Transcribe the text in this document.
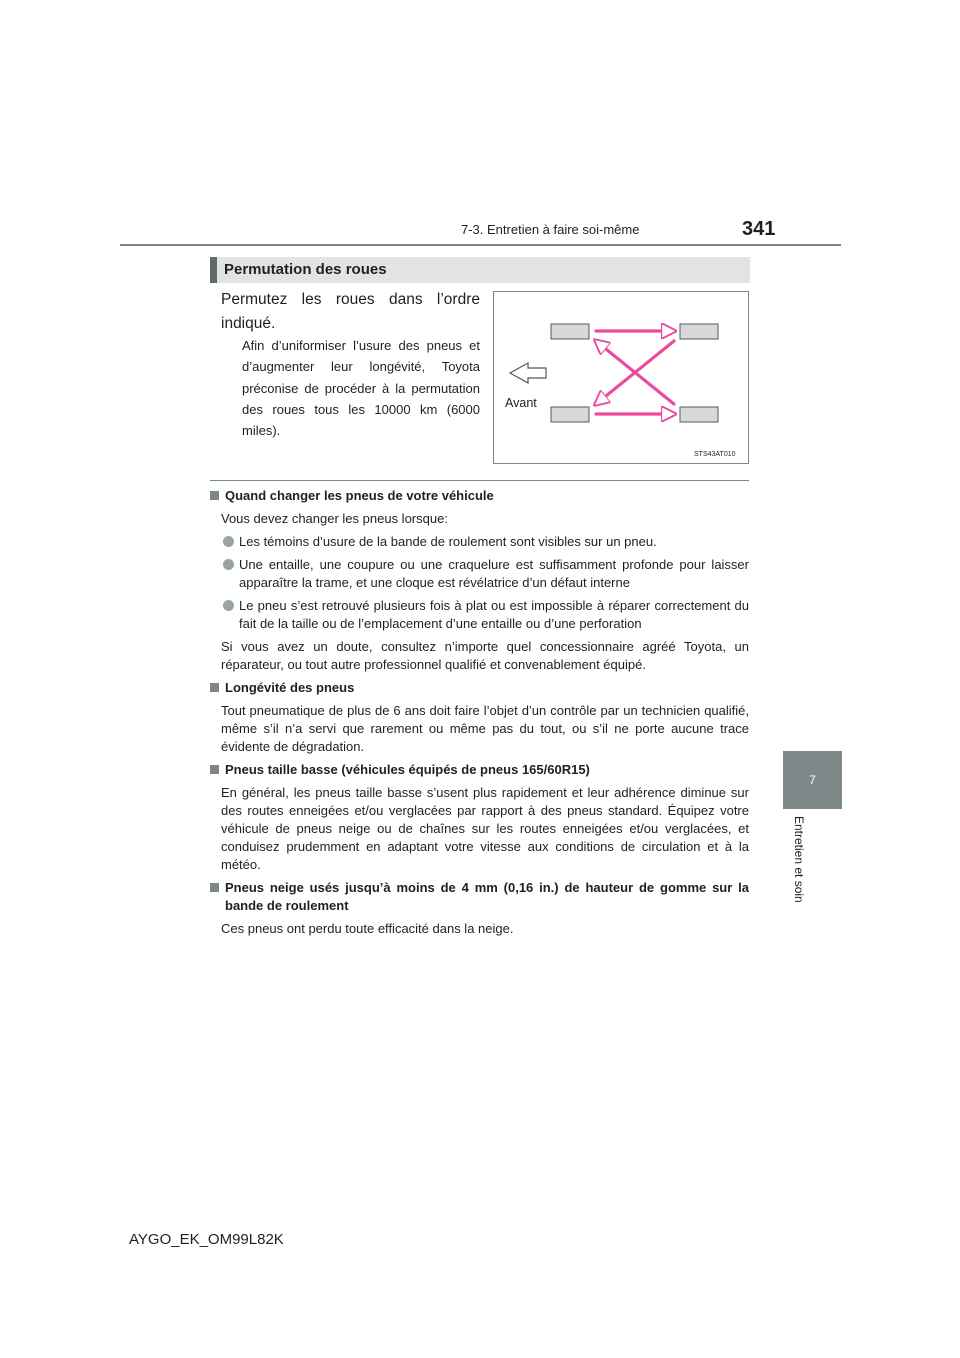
7-3. Entretien à faire soi-même	341
7
Entretien et soin
Permutation des roues
Permutez les roues dans l’ordre
indiqué.
Afin d’uniformiser l’usure des pneus et d’augmenter leur longévité, Toyota préconise de procéder à la permutation des roues tous les 10000 km (6000 miles).
Avant
STS43AT010
Quand changer les pneus de votre véhicule
Vous devez changer les pneus lorsque:
Les témoins d’usure de la bande de roulement sont visibles sur un pneu.
Une entaille, une coupure ou une craquelure est suffisamment profonde pour laisser apparaître la trame, et une cloque est révélatrice d’un défaut interne
Le pneu s’est retrouvé plusieurs fois à plat ou est impossible à réparer correctement du fait de la taille ou de l’emplacement d’une entaille ou d’une perforation
Si vous avez un doute, consultez n’importe quel concessionnaire agréé Toyota, un réparateur, ou tout autre professionnel qualifié et convenablement équipé.
Longévité des pneus
Tout pneumatique de plus de 6 ans doit faire l’objet d’un contrôle par un technicien qualifié, même s’il n’a servi que rarement ou même pas du tout, ou s’il ne porte aucune trace évidente de dégradation.
Pneus taille basse (véhicules équipés de pneus 165/60R15)
En général, les pneus taille basse s’usent plus rapidement et leur adhérence diminue sur des routes enneigées et/ou verglacées par rapport à des pneus standard. Équipez votre véhicule de pneus neige ou de chaînes sur les routes enneigées et/ou verglacées, et conduisez prudemment en adaptant votre vitesse aux conditions de circulation et à la météo.
Pneus neige usés jusqu’à moins de 4 mm (0,16 in.) de hauteur de gomme sur la bande de roulement
Ces pneus ont perdu toute efficacité dans la neige.
AYGO_EK_OM99L82K
